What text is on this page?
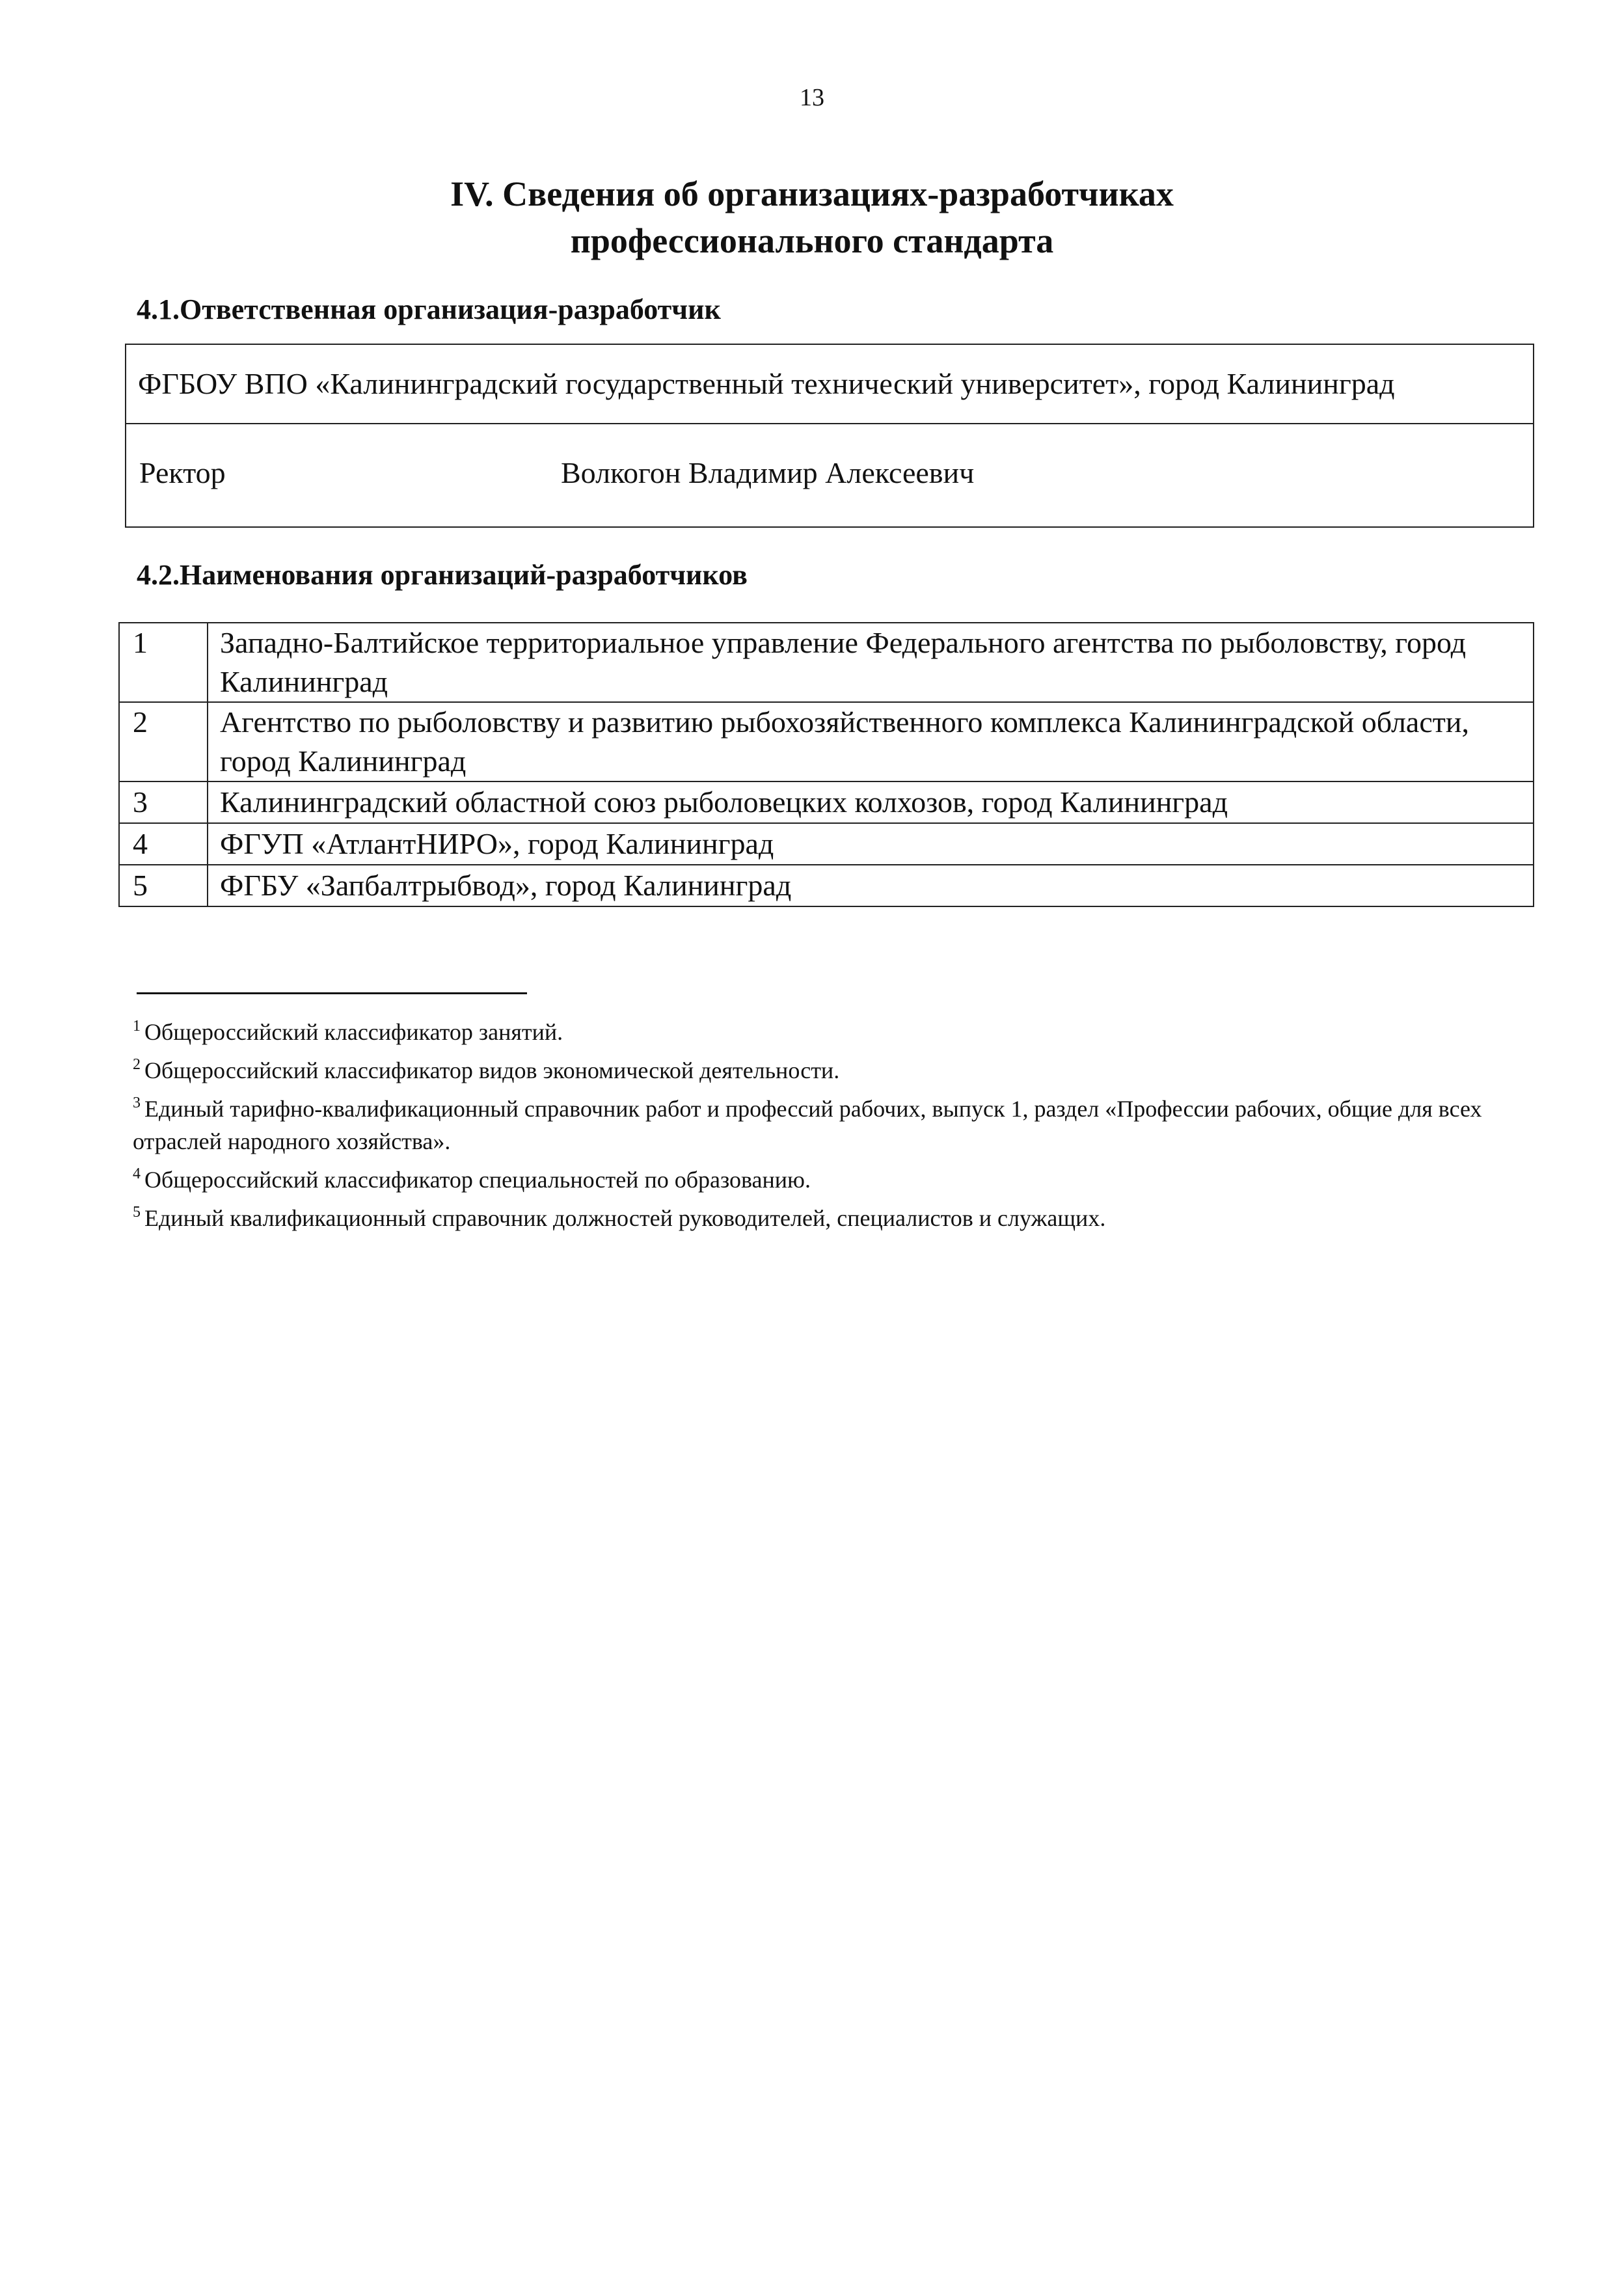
13
IV. Сведения об организациях-разработчиках
профессионального стандарта
4.1.Ответственная организация-разработчик
ФГБОУ ВПО «Калининградский государственный технический университет», город Калининград
Ректор	Волкогон Владимир Алексеевич
4.2.Наименования организаций-разработчиков
1	Западно-Балтийское территориальное управление Федерального агентства по рыболовству, город Калининград
2	Агентство по рыболовству и развитию рыбохозяйственного комплекса Калининградской области, город Калининград
3	Калининградский областной союз рыболовецких колхозов, город Калининград
4	ФГУП «АтлантНИРО», город Калининград
5	ФГБУ «Запбалтрыбвод», город Калининград
$^1$ Общероссийский классификатор занятий.
$^2$ Общероссийский классификатор видов экономической деятельности.
$^3$ Единый тарифно-квалификационный справочник работ и профессий рабочих, выпуск 1, раздел «Профессии рабочих, общие для всех отраслей народного хозяйства».
$^4$ Общероссийский классификатор специальностей по образованию.
$^5$ Единый квалификационный справочник должностей руководителей, специалистов и служащих.
